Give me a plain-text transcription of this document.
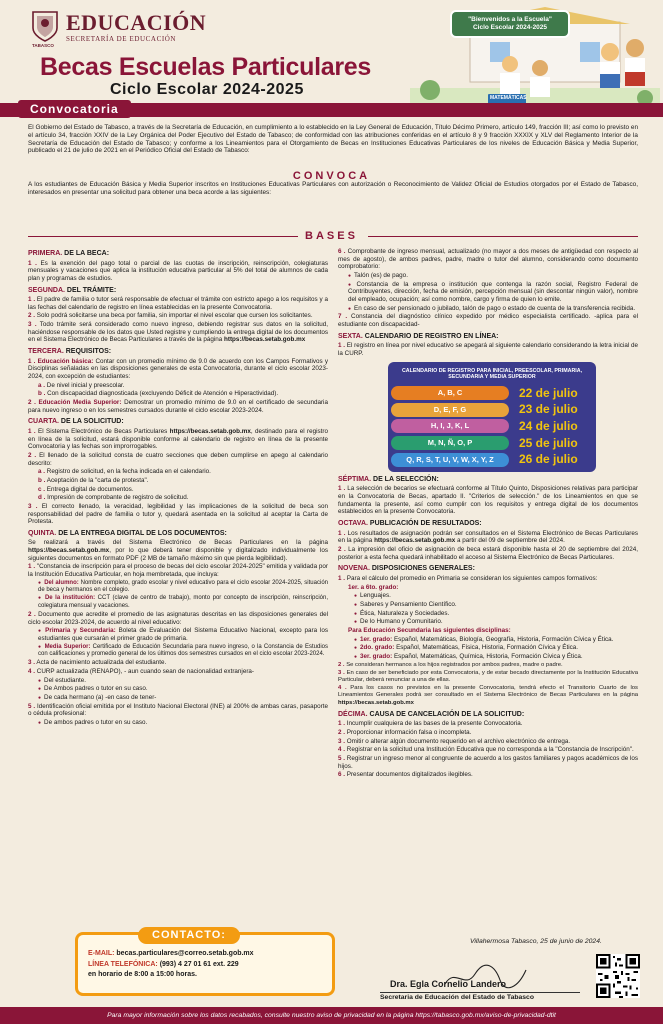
EDUCACIÓN
SECRETARÍA DE EDUCACIÓN
TABASCO
Becas Escuelas Particulares
Ciclo Escolar 2024-2025
"Bienvenidos a la Escuela"
Ciclo Escolar 2024-2025
MATEMÁTICAS
Convocatoria
El Gobierno del Estado de Tabasco, a través de la Secretaría de Educación, en cumplimiento a lo establecido en la Ley General de Educación, Título Décimo Primero, artículo 149, fracción III; así como lo previsto en el artículo 34, fracción XXIV de la Ley Orgánica del Poder Ejecutivo del Estado de Tabasco; de conformidad con las atribuciones conferidas en el artículo 8 y 9 fracción XXXIX y XLV del Reglamento Interior de la Secretaría de Educación del Estado de Tabasco; y conforme a los Lineamientos para el Otorgamiento de Becas en Instituciones Educativas Particulares de los niveles de Educación Básica y Media Superior, publicado el 21 de julio de 2021 en el Periódico Oficial del Estado de Tabasco:
CONVOCA
A los estudiantes de Educación Básica y Media Superior inscritos en Instituciones Educativas Particulares con autorización o Reconocimiento de Validez Oficial de Estudios otorgados por el Estado de Tabasco, interesados en presentar una solicitud para obtener una beca acorde a las siguientes:
BASES
PRIMERA. DE LA BECA:

1 . Es la exención del pago total o parcial de las cuotas de inscripción, reinscripción, colegiaturas mensuales y vacaciones que aplica la institución educativa particular al 5% del total de alumnos de cada plan y programas de estudios.

SEGUNDA. DEL TRÁMITE:

1 . El padre de familia o tutor será responsable de efectuar el trámite con estricto apego a los requisitos y a las fechas del calendario de registro en línea establecidas en la presente Convocatoria.

2 . Solo podrá solicitarse una beca por familia, sin importar el nivel escolar que cursen los solicitantes.

3 . Todo trámite será considerado como nuevo ingreso, debiendo registrar sus datos en la solicitud, haciéndose responsable de los datos que Usted registre y cumpliendo la entrega digital de los documentos en el Sistema Electrónico de Becas Particulares a través de la página https://becas.setab.gob.mx

TERCERA. REQUISITOS:

1 . Educación básica: Contar con un promedio mínimo de 9.0 de acuerdo con los Campos Formativos y Disciplinas señaladas en las disposiciones generales de esta Convocatoria, durante el ciclo escolar 2023-2024, con excepción de estudiantes:

a . De nivel inicial y preescolar.

b . Con discapacidad diagnosticada (excluyendo Déficit de Atención e Hiperactividad).

2 . Educación Media Superior: Demostrar un promedio mínimo de 9.0 en el certificado de secundaria para nuevo ingreso o en los semestres cursados durante el ciclo escolar 2023-2024.

CUARTA. DE LA SOLICITUD:

1 . El Sistema Electrónico de Becas Particulares https://becas.setab.gob.mx, destinado para el registro en línea de la solicitud, estará disponible conforme al calendario de registro en línea de la presente Convocatoria y las fechas son improrrogables.

2 . El llenado de la solicitud consta de cuatro secciones que deben cumplirse en apego al calendario descrito:

a . Registro de solicitud, en la fecha indicada en el calendario.

b . Aceptación de la "carta de protesta".

c . Entrega digital de documentos.

d . Impresión de comprobante de registro de solicitud.

3 . El correcto llenado, la veracidad, legibilidad y las implicaciones de la solicitud de beca son responsabilidad del padre de familia o tutor y, quedará asentada en la solicitud al aceptar la Carta de Protesta.

QUINTA. DE LA ENTREGA DIGITAL DE LOS DOCUMENTOS:

Se realizará a través del Sistema Electrónico de Becas Particulares en la página https://becas.setab.gob.mx, por lo que deberá tener disponible y digitalizado individualmente los siguientes documentos en formato PDF (2 MB de tamaño máximo sin que pierda legibilidad).

1 . "Constancia de inscripción para el proceso de becas del ciclo escolar 2024-2025" emitida y validada por la Institución Educativa Particular, en hoja membretada, que incluya:

● Del alumno: Nombre completo, grado escolar y nivel educativo para el ciclo escolar 2024-2025, situación de beca y hermanos en el colegio.

● De la institución: CCT (clave de centro de trabajo), monto por concepto de inscripción, reinscripción, colegiatura mensual y vacaciones.

2 . Documento que acredite el promedio de las asignaturas descritas en las disposiciones generales del ciclo escolar 2023-2024, de acuerdo al nivel educativo:

● Primaria y Secundaria: Boleta de Evaluación del Sistema Educativo Nacional, excepto para los estudiantes que cursarán el primer grado de primaria.

● Media Superior: Certificado de Educación Secundaria para nuevo ingreso, o la Constancia de Estudios con calificaciones y promedio general de los últimos dos semestres cursados en el ciclo escolar 2023-2024.

3 . Acta de nacimiento actualizada del estudiante.

4 . CURP actualizada (RENAPO), - aun cuando sean de nacionalidad extranjera-

● Del estudiante.

● De Ambos padres o tutor en su caso.

● De cada hermano (a) -en caso de tener-

5 . Identificación oficial emitida por el Instituto Nacional Electoral (INE) al 200% de ambas caras, pasaporte o cédula profesional:

● De ambos padres o tutor en su caso.

6 . Comprobante de ingreso mensual, actualizado (no mayor a dos meses de antigüedad con respecto al mes de agosto), de ambos padres, padre, madre o tutor del alumno, considerando como documento comprobatorio:

● Talón (es) de pago.

● Constancia de la empresa o institución que contenga la razón social, Registro Federal de Contribuyentes, dirección, fecha de emisión, percepción mensual (sin descontar ningún valor), nombre del empleado, ocupación; así como nombre, cargo y firma de quien lo emite.

● En caso de ser pensionado o jubilado, talón de pago o estado de cuenta de la transferencia recibida.

7 . Constancia del diagnóstico clínico expedido por médico especialista certificado. -aplica para el estudiante con discapacidad-

SEXTA. CALENDARIO DE REGISTRO EN LÍNEA:

1 . El registro en línea por nivel educativo se apegará al siguiente calendario considerando la letra inicial de la CURP.

CALENDARIO DE REGISTRO PARA INICIAL, PREESCOLAR, PRIMARIA, SECUNDARIA Y MEDIA SUPERIOR
A, B, C	22 de julio
D, E, F, G	23 de julio
H, I, J, K, L	24 de julio
M, N, Ñ, O, P	25 de julio
Q, R, S, T, U, V, W, X, Y, Z	26 de julio
SÉPTIMA. DE LA SELECCIÓN:

1 . La selección de becarios se efectuará conforme al Título Quinto, Disposiciones relativas para participar en la Convocatoria de Becas, apartado II. "Criterios de selección." de los Lineamientos en que se fundamenta la presente, así como cumplir con los requisitos y entrega digital de los documentos establecidos en la presente Convocatoria.

OCTAVA. PUBLICACIÓN DE RESULTADOS:

1 . Los resultados de asignación podrán ser consultados en el Sistema Electrónico de Becas Particulares en la página https://becas.setab.gob.mx a partir del 09 de septiembre del 2024.

2 . La impresión del oficio de asignación de beca estará disponible hasta el 20 de septiembre del 2024, posterior a esta fecha quedará inhabilitado el acceso al Sistema Electrónico de Becas Particulares.

NOVENA. DISPOSICIONES GENERALES:

1 . Para el cálculo del promedio en Primaria se consideran los siguientes campos formativos:

1er. a 6to. grado:

● Lenguajes.

● Saberes y Pensamiento Científico.

● Ética, Naturaleza y Sociedades.

● De lo Humano y Comunitario.

Para Educación Secundaria las siguientes disciplinas:

● 1er. grado: Español, Matemáticas, Biología, Geografía, Historia, Formación Cívica y Ética.

● 2do. grado: Español, Matemáticas, Física, Historia, Formación Cívica y Ética.

● 3er. grado: Español, Matemáticas, Química, Historia, Formación Cívica y Ética.

2 . Se consideran hermanos a los hijos registrados por ambos padres, madre o padre.

3 . En caso de ser beneficiado por esta Convocatoria, y de estar becado directamente por la Institución Educativa Particular, deberá renunciar a una de ellas.

4 . Para los casos no previstos en la presente Convocatoria, tendrá efecto el Transitorio Cuarto de los Lineamientos Generales podrá ser consultado en el Sistema Electrónico de Becas Particulares en la página https://becas.setab.gob.mx

DÉCIMA. CAUSA DE CANCELACIÓN DE LA SOLICITUD:

1 . Incumplir cualquiera de las bases de la presente Convocatoria.

2 . Proporcionar información falsa o incompleta.

3 . Omitir o alterar algún documento requerido en el archivo electrónico de entrega.

4 . Registrar en la solicitud una Institución Educativa que no corresponda a la "Constancia de Inscripción".

5 . Registrar un ingreso menor al congruente de acuerdo a los gastos familiares y pagos académicos de los hijos.

6 . Presentar documentos digitalizados ilegibles.

CONTACTO:
E-MAIL: becas.particulares@correo.setab.gob.mx
LÍNEA TELEFÓNICA: (993) 4 27 01 61 ext. 229
en horario de 8:00 a 15:00 horas.
Villahermosa Tabasco, 25 de junio de 2024.
Dra. Egla Cornelio Landero
Secretaria de Educación del Estado de Tabasco
Para mayor información sobre los datos recabados, consulte nuestro aviso de privacidad en la página https://tabasco.gob.mx/aviso-de-privacidad-dtit
